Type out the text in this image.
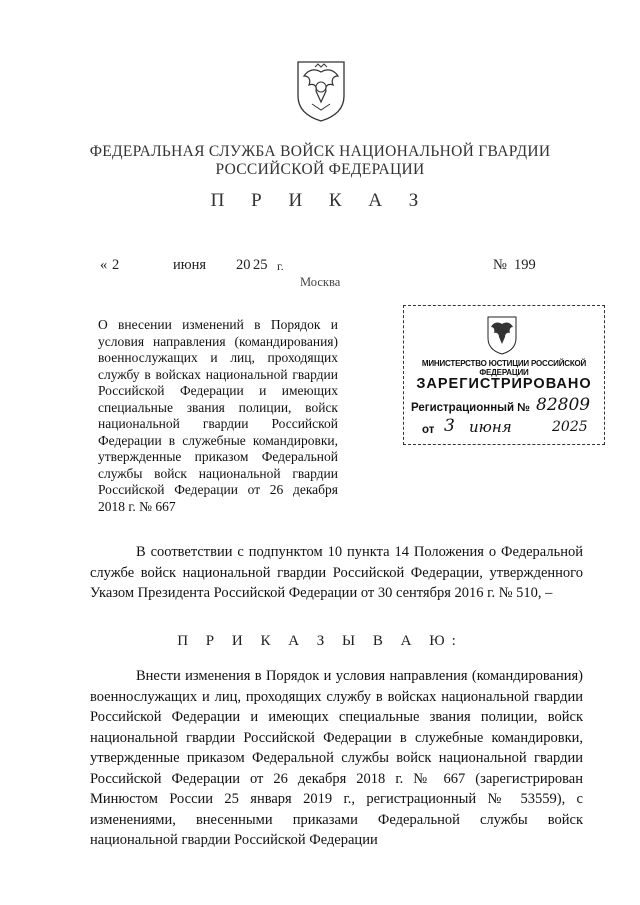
ФЕДЕРАЛЬНАЯ СЛУЖБА ВОЙСК НАЦИОНАЛЬНОЙ ГВАРДИИ
РОССИЙСКОЙ ФЕДЕРАЦИИ
П Р И К А З
« 2	июня 20 25 г.	№ 199
Москва
О внесении изменений в Порядок и условия направления (командирования) военнослужащих и лиц, проходящих службу в войсках национальной гвардии Российской Федерации и имеющих специальные звания полиции, войск национальной гвардии Российской Федерации в служебные командировки, утвержденные приказом Федеральной службы войск национальной гвардии Российской Федерации от 26 декабря 2018 г. № 667
МИНИСТЕРСТВО ЮСТИЦИИ РОССИЙСКОЙ ФЕДЕРАЦИИ
ЗАРЕГИСТРИРОВАНО
Регистрационный № 82809
от 3 июня	2025
В соответствии с подпунктом 10 пункта 14 Положения о Федеральной службе войск национальной гвардии Российской Федерации, утвержденного Указом Президента Российской Федерации от 30 сентября 2016 г. № 510, –
П Р И К А З Ы В А Ю:
Внести изменения в Порядок и условия направления (командирования) военнослужащих и лиц, проходящих службу в войсках национальной гвардии Российской Федерации и имеющих специальные звания полиции, войск национальной гвардии Российской Федерации в служебные командировки, утвержденные приказом Федеральной службы войск национальной гвардии Российской Федерации от 26 декабря 2018 г. № 667 (зарегистрирован Минюстом России 25 января 2019 г., регистрационный № 53559), с изменениями, внесенными приказами Федеральной службы войск национальной гвардии Российской Федерации
